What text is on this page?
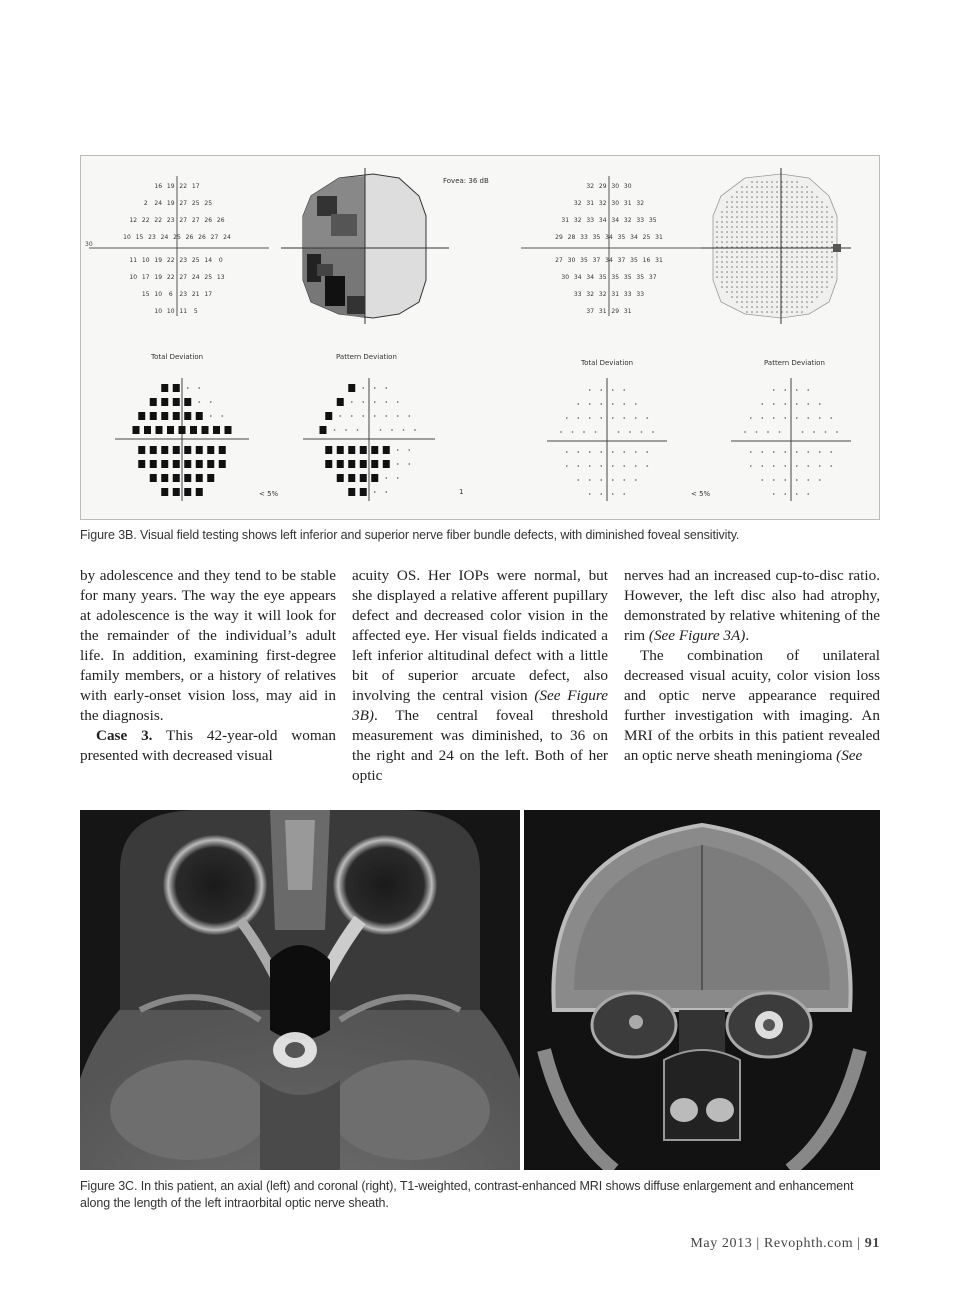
30
16 19 22 17
2 24 19 27 25 25
12 22 22 23 27 27 26 26
10 15 23 24 25 26 26 27 24
11 10 19 22 23 25 14 0
10 17 19 22 27 24 25 13
15 10 6 23 21 17
10 10 11 5
Fovea: 36 dB
32 29 30 30
32 31 32 30 31 32
31 32 33 34 34 32 33 35
29 28 33 35 34 35 34 25 31
27 30 35 37 34 37 35 16 31
30 34 34 35 35 35 35 37
33 32 32 31 33 33
37 31 29 31
Total Deviation	Pattern Deviation
Total Deviation	Pattern Deviation
< 5%	< 5%
1
Figure 3B. Visual field testing shows left inferior and superior nerve fiber bundle defects, with diminished foveal sensitivity.

by adolescence and they tend to be stable for many years. The way the eye appears at adolescence is the way it will look for the remainder of the individual’s adult life. In addition, examining first-degree family members, or a history of relatives with early-onset vision loss, may aid in the diagnosis.

Case 3. This 42-year-old woman presented with decreased visual

acuity OS. Her IOPs were normal, but she displayed a relative afferent pupillary defect and decreased color vision in the affected eye. Her visual fields indicated a left inferior altitudinal defect with a little bit of superior arcuate defect, also involving the central vision (See Figure 3B). The central foveal threshold measurement was diminished, to 36 on the right and 24 on the left. Both of her optic

nerves had an increased cup-to-disc ratio. However, the left disc also had atrophy, demonstrated by relative whitening of the rim (See Figure 3A).

The combination of unilateral decreased visual acuity, color vision loss and optic nerve appearance required further investigation with imaging. An MRI of the orbits in this patient revealed an optic nerve sheath meningioma (See

Figure 3C. In this patient, an axial (left) and coronal (right), T1-weighted, contrast-enhanced MRI shows diffuse enlargement and enhancement along the length of the left intraorbital optic nerve sheath.
May 2013 | Revophth.com | 91
